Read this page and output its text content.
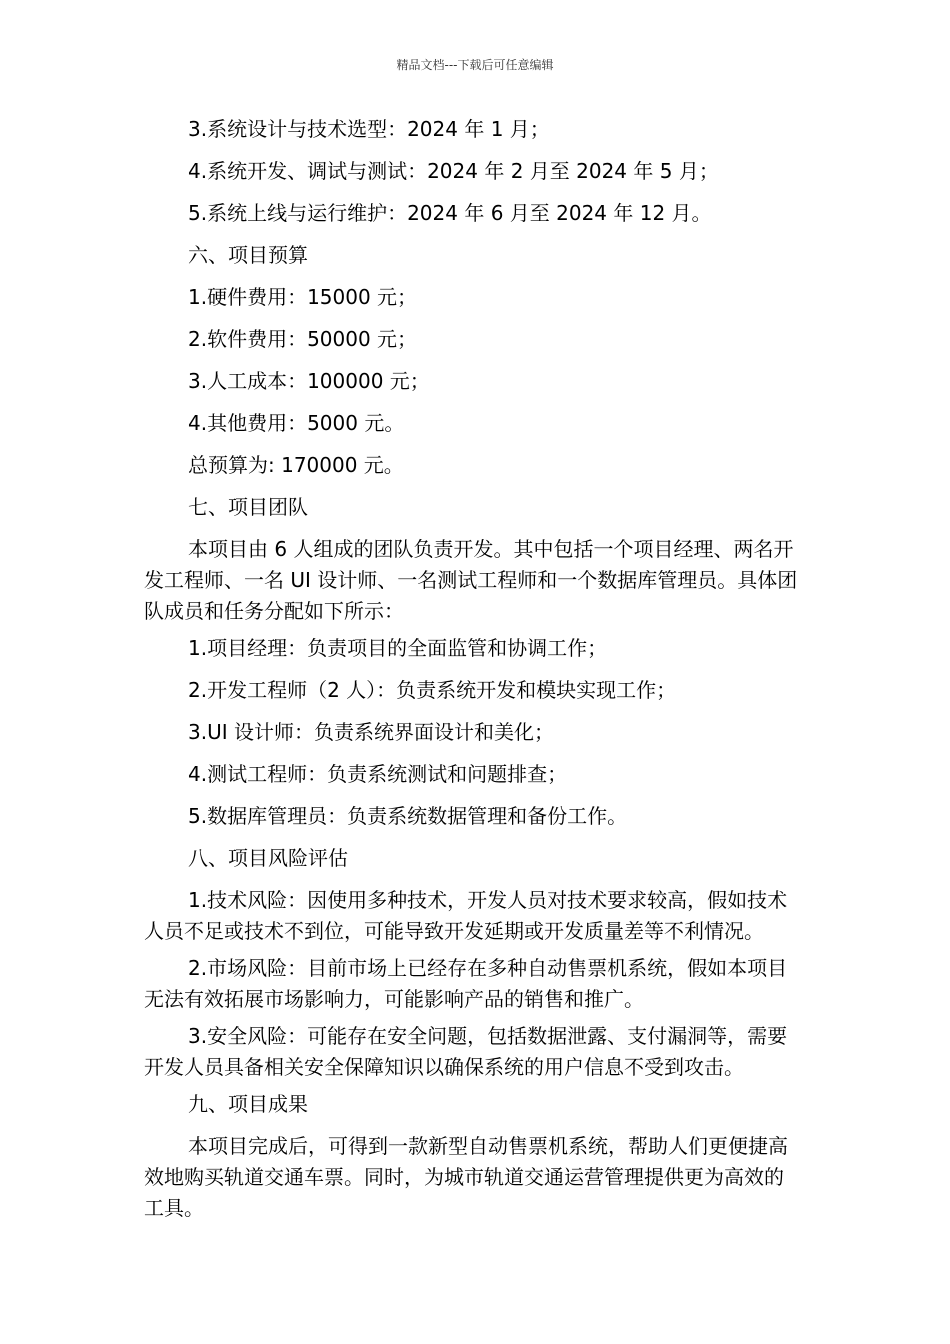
精品文档---下载后可任意编辑

3.系统设计与技术选型：2024 年 1 月；

4.系统开发、调试与测试：2024 年 2 月至 2024 年 5 月；

5.系统上线与运行维护：2024 年 6 月至 2024 年 12 月。

六、项目预算

1.硬件费用：15000 元；

2.软件费用：50000 元；

3.人工成本：100000 元；

4.其他费用：5000 元。

总预算为: 170000 元。

七、项目团队

本项目由 6 人组成的团队负责开发。其中包括一个项目经理、两名开发工程师、一名 UI 设计师、一名测试工程师和一个数据库管理员。具体团队成员和任务分配如下所示：

1.项目经理：负责项目的全面监管和协调工作；

2.开发工程师（2 人）：负责系统开发和模块实现工作；

3.UI 设计师：负责系统界面设计和美化；

4.测试工程师：负责系统测试和问题排查；

5.数据库管理员：负责系统数据管理和备份工作。

八、项目风险评估

1.技术风险：因使用多种技术，开发人员对技术要求较高，假如技术人员不足或技术不到位，可能导致开发延期或开发质量差等不利情况。

2.市场风险：目前市场上已经存在多种自动售票机系统，假如本项目无法有效拓展市场影响力，可能影响产品的销售和推广。

3.安全风险：可能存在安全问题，包括数据泄露、支付漏洞等，需要开发人员具备相关安全保障知识以确保系统的用户信息不受到攻击。

九、项目成果

本项目完成后，可得到一款新型自动售票机系统，帮助人们更便捷高效地购买轨道交通车票。同时，为城市轨道交通运营管理提供更为高效的工具。
